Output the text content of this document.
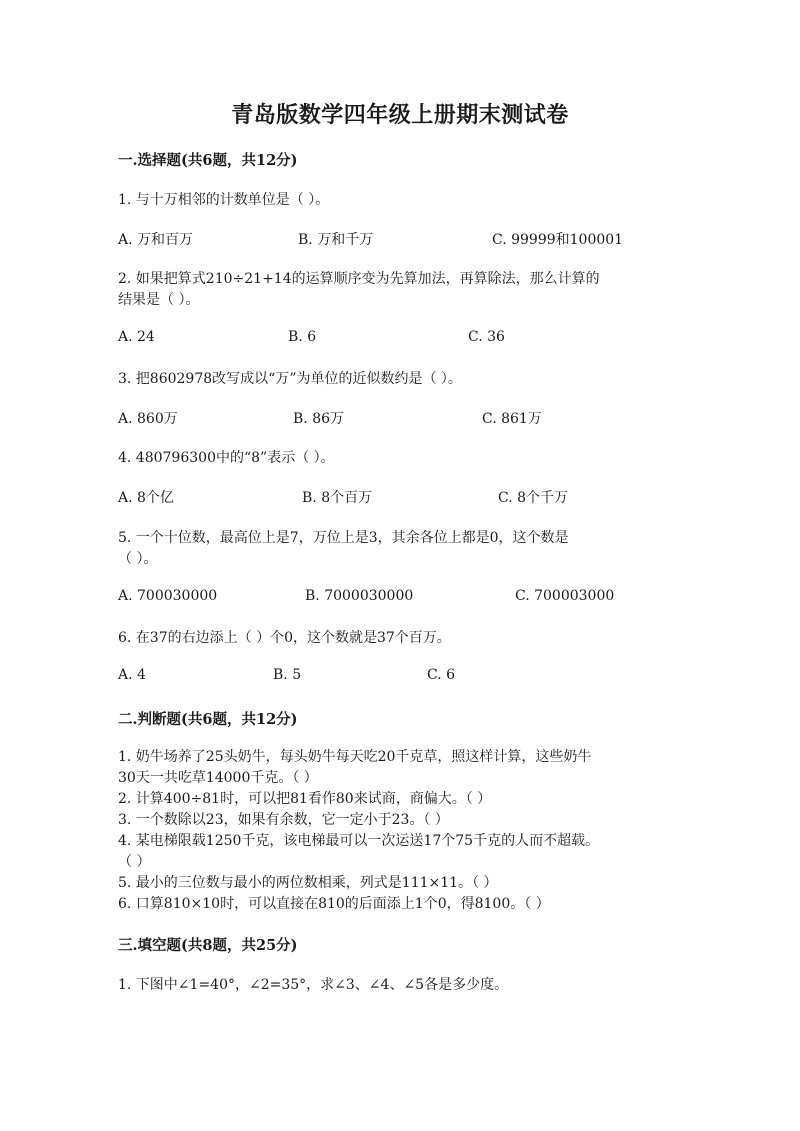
青岛版数学四年级上册期末测试卷
一.选择题(共6题，共12分)
1. 与十万相邻的计数单位是（ ）。
A. 万和百万	B. 万和千万	C. 99999和100001
2. 如果把算式210÷21+14的运算顺序变为先算加法，再算除法，那么计算的
结果是（ ）。
A. 24	B. 6	C. 36
3. 把8602978改写成以“万”为单位的近似数约是（ ）。
A. 860万	B. 86万	C. 861万
4. 480796300中的“8”表示（ ）。
A. 8个亿	B. 8个百万	C. 8个千万
5. 一个十位数，最高位上是7，万位上是3，其余各位上都是0，这个数是
（ ）。
A. 700030000	B. 7000030000	C. 700003000
6. 在37的右边添上（ ）个0，这个数就是37个百万。
A. 4	B. 5	C. 6
二.判断题(共6题，共12分)
1. 奶牛场养了25头奶牛，每头奶牛每天吃20千克草，照这样计算，这些奶牛
30天一共吃草14000千克。（ ）
2. 计算400÷81时，可以把81看作80来试商，商偏大。（ ）
3. 一个数除以23，如果有余数，它一定小于23。（ ）
4. 某电梯限载1250千克，该电梯最可以一次运送17个75千克的人而不超载。
（ ）
5. 最小的三位数与最小的两位数相乘，列式是111×11。（ ）
6. 口算810×10时，可以直接在810的后面添上1个0，得8100。（ ）
三.填空题(共8题，共25分)
1. 下图中∠1=40°，∠2=35°，求∠3、∠4、∠5各是多少度。
